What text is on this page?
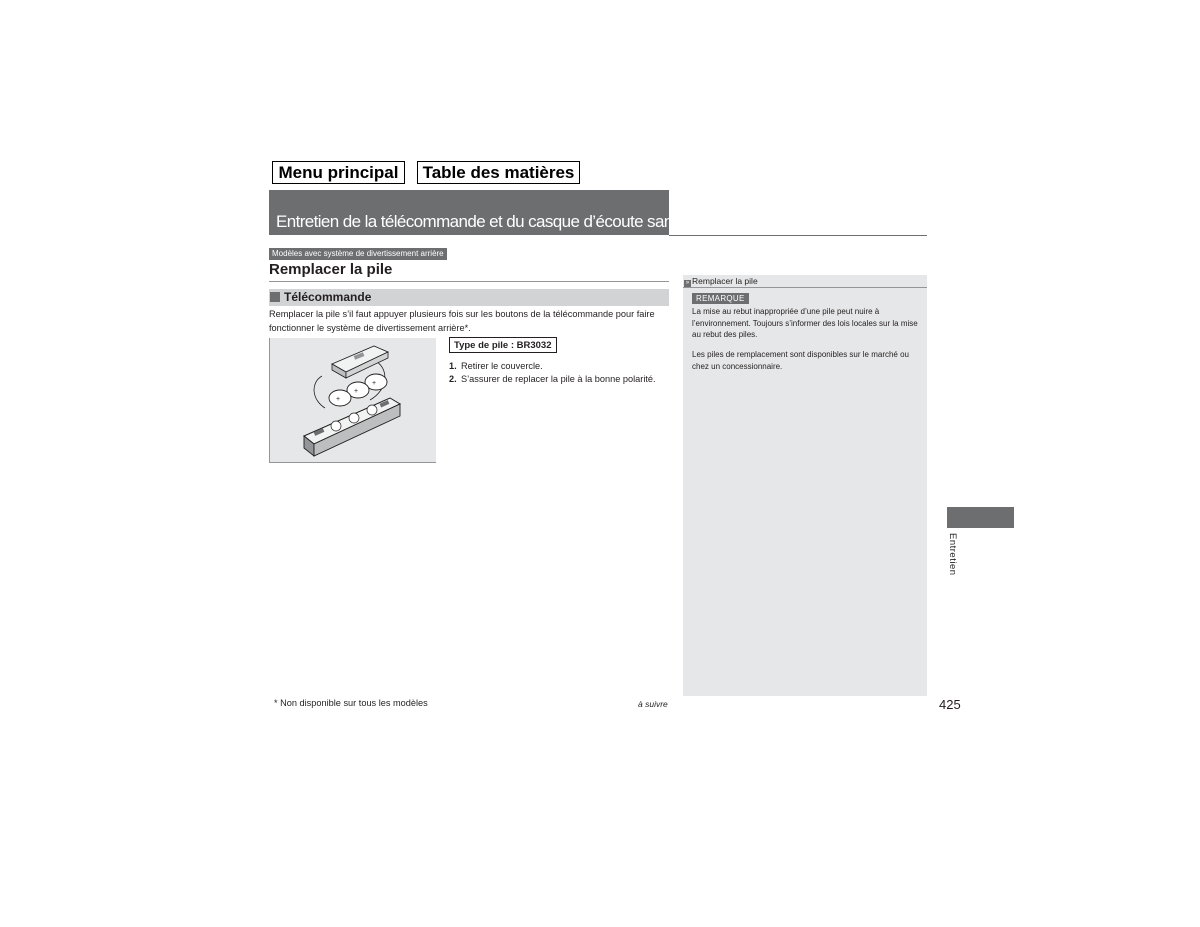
Menu principal	Table des matières
Entretien de la télécommande et du casque d’écoute sans fil*
Modèles avec système de divertissement arrière
Remplacer la pile
Télécommande
Remplacer la pile s’il faut appuyer plusieurs fois sur les boutons de la télécommande pour faire fonctionner le système de divertissement arrière*.
+
+
+
Type de pile : BR3032
1. Retirer le couvercle.
2. S’assurer de replacer la pile à la bonne polarité.
» Remplacer la pile
REMARQUE
La mise au rebut inappropriée d’une pile peut nuire à l’environnement. Toujours s’informer des lois locales sur la mise au rebut des piles.
Les piles de remplacement sont disponibles sur le marché ou chez un concessionnaire.
Entretien
* Non disponible sur tous les modèles	à suivre	425
